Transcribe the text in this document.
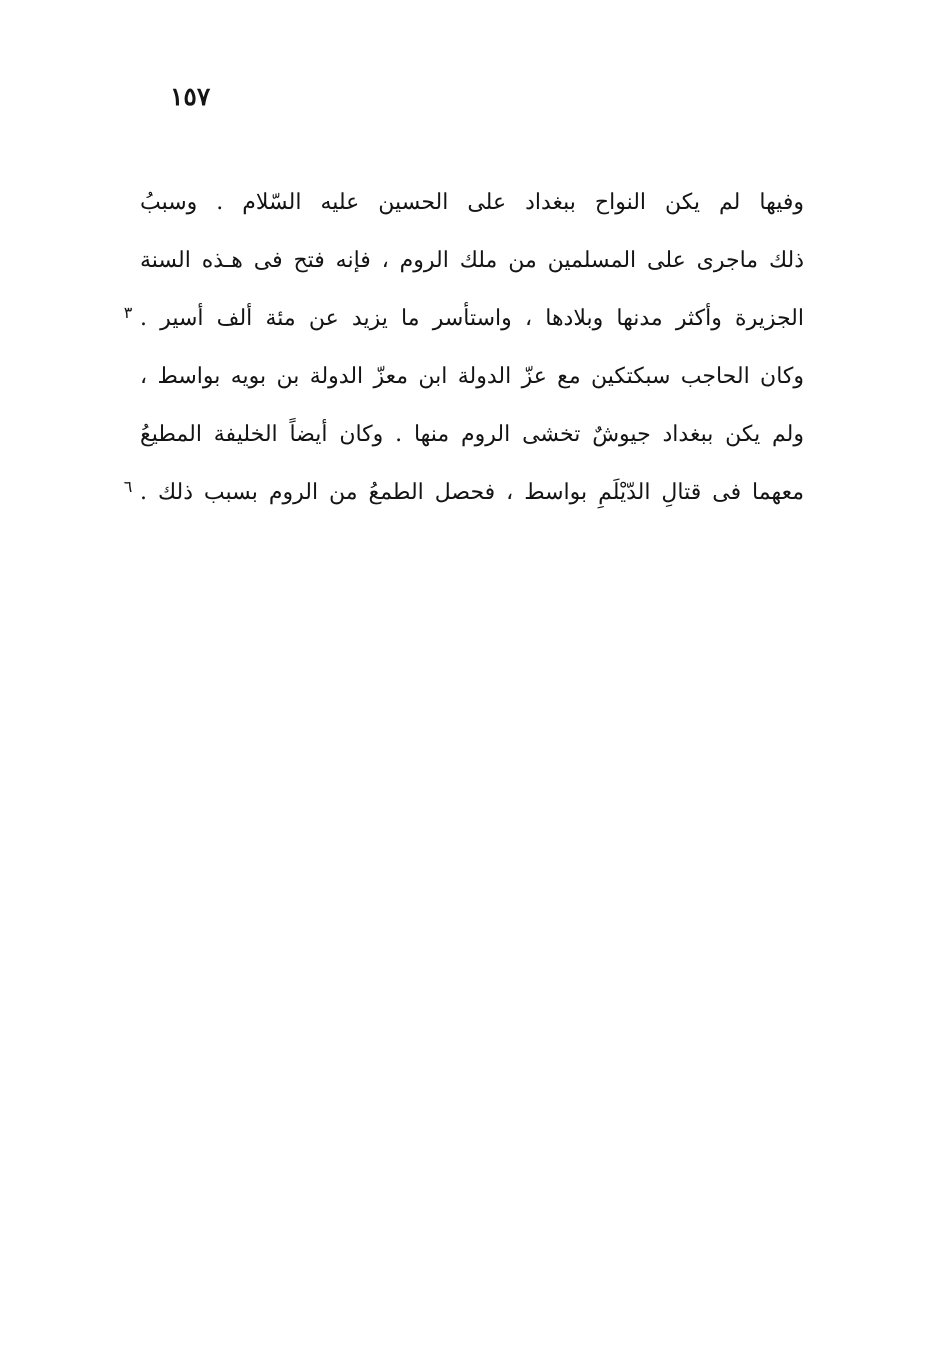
١٥٧
وفيها لم يكن النواح ببغداد على الحسين عليه السّلام . وسببُ
ذلك ماجرى على المسلمين من ملك الروم ، فإنه فتح فى هـذه السنة
الجزيرة وأكثر مدنها وبلادها ، واستأسر ما يزيد عن مئة ألف أسير .
وكان الحاجب سبكتكين مع عزّ الدولة ابن معزّ الدولة بن بويه بواسط ،
ولم يكن ببغداد جيوشٌ تخشى الروم منها . وكان أيضاً الخليفة المطيعُ
معهما فى قتالِ الدّيْلَمِ بواسط ، فحصل الطمعُ من الروم بسبب ذلك .
٣
٦
